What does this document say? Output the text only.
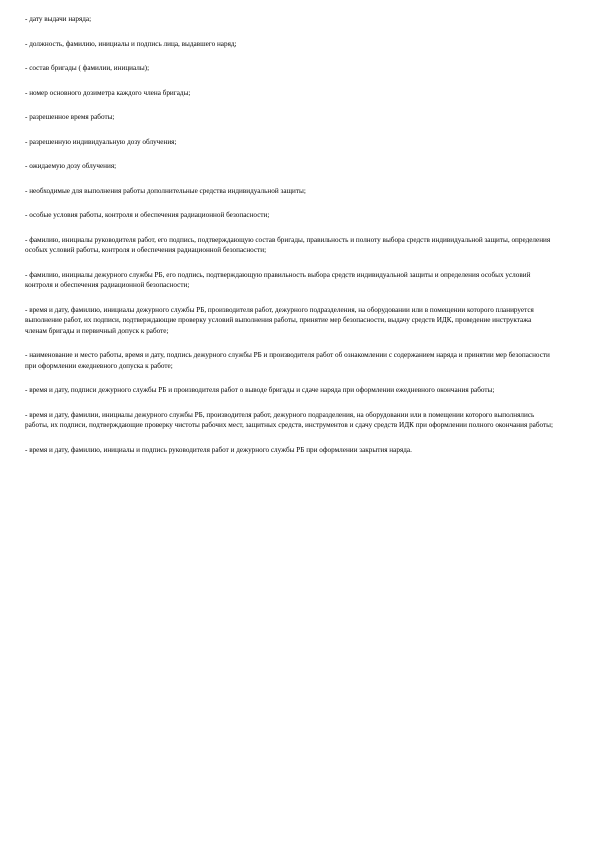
- дату выдачи наряда;

- должность, фамилию, инициалы и подпись лица, выдавшего наряд;

- состав бригады ( фамилии, инициалы);

- номер основного дозиметра каждого члена бригады;

- разрешенное время работы;

- разрешенную индивидуальную дозу облучения;

- ожидаемую дозу облучения;

- необходимые для выполнения работы дополнительные средства индивидуальной защиты;

- особые условия работы, контроля и обеспечения радиационной безопасности;

- фамилию, инициалы руководителя работ, его подпись, подтверждающую состав бригады, правильность и полноту выбора средств индивидуальной защиты, определения особых условий работы, контроля и обеспечения радиационной безопасности;

- фамилию, инициалы дежурного службы РБ, его подпись, подтверждающую правильность выбора средств индивидуальной защиты и определения особых условий контроля и обеспечения радиационной безопасности;

- время и дату, фамилию, инициалы дежурного службы РБ, производителя работ, дежурного подразделения, на оборудовании или в помещении которого планируется выполнение работ, их подписи, подтверждающие проверку условий выполнения работы, принятие мер безопасности, выдачу средств ИДК, проведение инструктажа членам бригады и первичный допуск к работе;

- наименование и место работы, время и дату, подпись дежурного службы РБ и производителя работ об ознакомлении с содержанием наряда и принятии мер безопасности при оформлении ежедневного допуска к работе;

- время и дату, подписи дежурного службы РБ и производителя работ о выводе бригады и сдаче наряда при оформлении ежедневного окончания работы;

- время и дату, фамилии, инициалы дежурного службы РБ, производителя работ, дежурного подразделения, на оборудовании или в помещении которого выполнялись работы, их подписи, подтверждающие проверку чистоты рабочих мест, защитных средств, инструментов и сдачу средств ИДК при оформлении полного окончания работы;

- время и дату, фамилию, инициалы и подпись руководителя работ и дежурного службы РБ при оформлении закрытия наряда.
